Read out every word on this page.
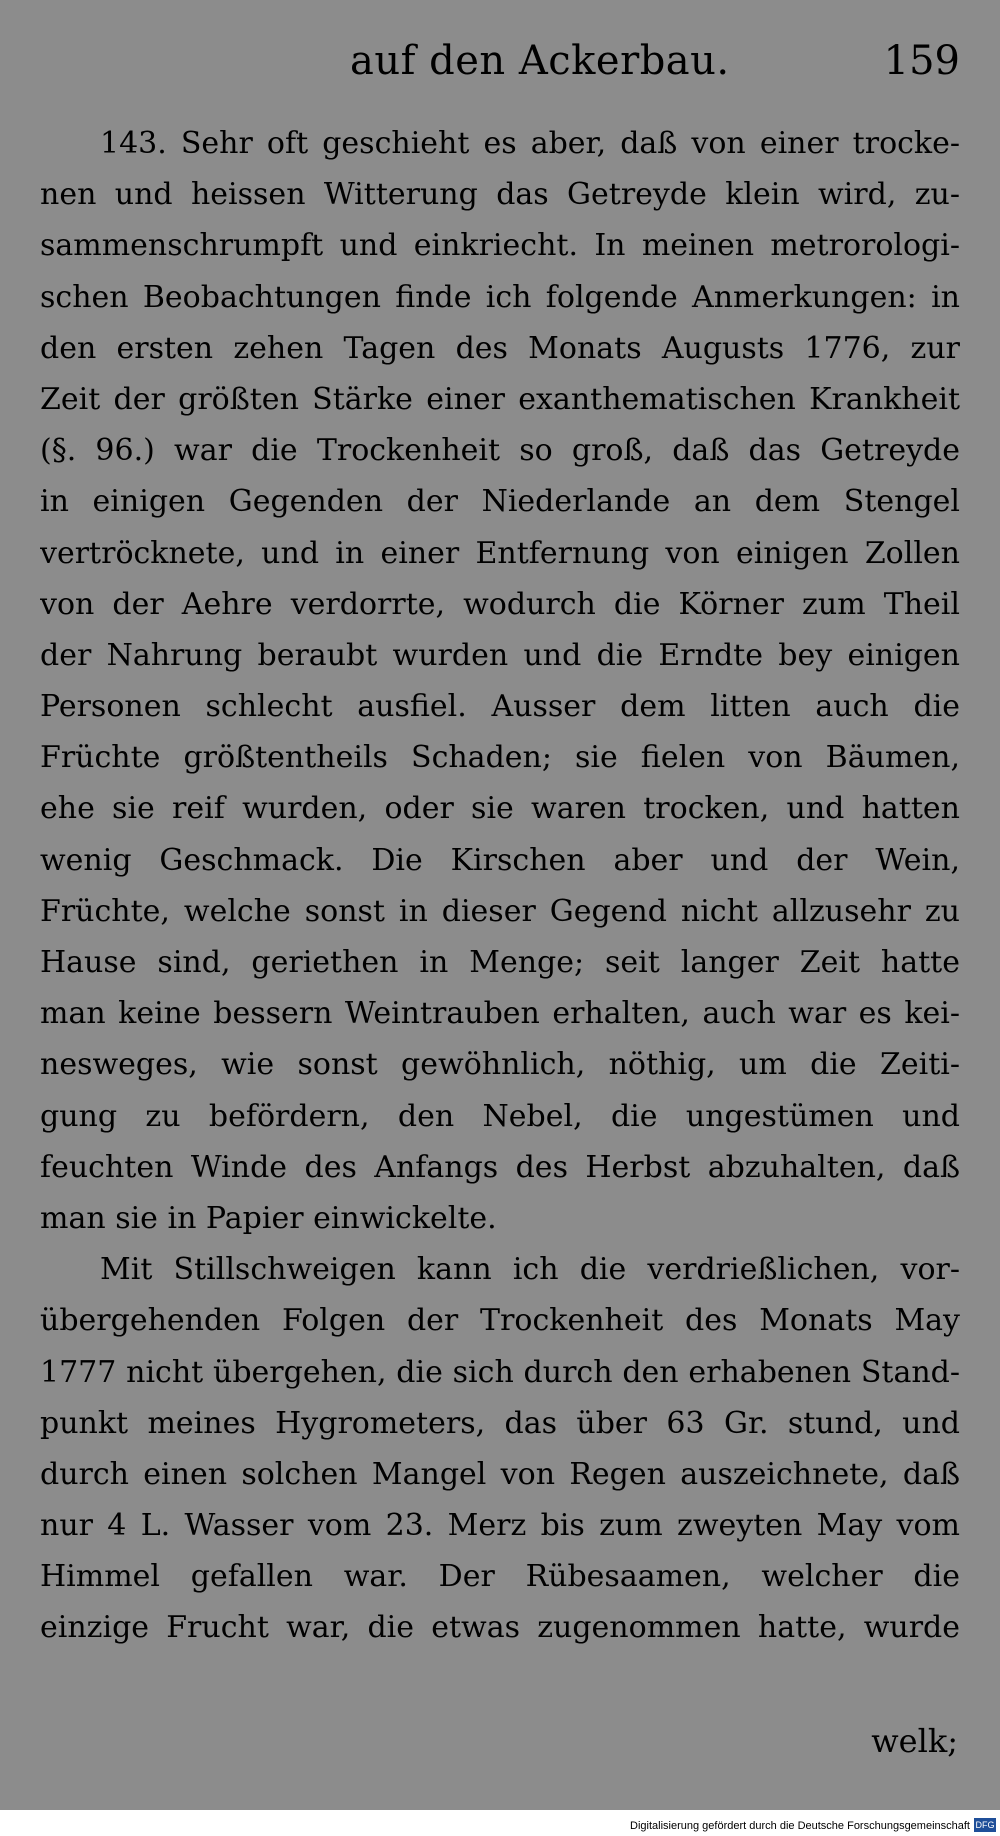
auf den Ackerbau.	159
143. Sehr oft geschieht es aber, daß von einer trocke-
nen und heissen Witterung das Getreyde klein wird, zu-
sammenschrumpft und einkriecht. In meinen metrorologi-
schen Beobachtungen finde ich folgende Anmerkungen: in
den ersten zehen Tagen des Monats Augusts 1776, zur
Zeit der größten Stärke einer exanthematischen Krankheit
(§. 96.) war die Trockenheit so groß, daß das Getreyde
in einigen Gegenden der Niederlande an dem Stengel
vertröcknete, und in einer Entfernung von einigen Zollen
von der Aehre verdorrte, wodurch die Körner zum Theil
der Nahrung beraubt wurden und die Erndte bey einigen
Personen schlecht ausfiel. Ausser dem litten auch die
Früchte größtentheils Schaden; sie fielen von Bäumen,
ehe sie reif wurden, oder sie waren trocken, und hatten
wenig Geschmack. Die Kirschen aber und der Wein,
Früchte, welche sonst in dieser Gegend nicht allzusehr zu
Hause sind, geriethen in Menge; seit langer Zeit hatte
man keine bessern Weintrauben erhalten, auch war es kei-
nesweges, wie sonst gewöhnlich, nöthig, um die Zeiti-
gung zu befördern, den Nebel, die ungestümen und
feuchten Winde des Anfangs des Herbst abzuhalten, daß
man sie in Papier einwickelte.
Mit Stillschweigen kann ich die verdrießlichen, vor-
übergehenden Folgen der Trockenheit des Monats May
1777 nicht übergehen, die sich durch den erhabenen Stand-
punkt meines Hygrometers, das über 63 Gr. stund, und
durch einen solchen Mangel von Regen auszeichnete, daß
nur 4 L. Wasser vom 23. Merz bis zum zweyten May vom
Himmel gefallen war. Der Rübesaamen, welcher die
einzige Frucht war, die etwas zugenommen hatte, wurde
welk;
Digitalisierung gefördert durch die Deutsche Forschungsgemeinschaft DFG
